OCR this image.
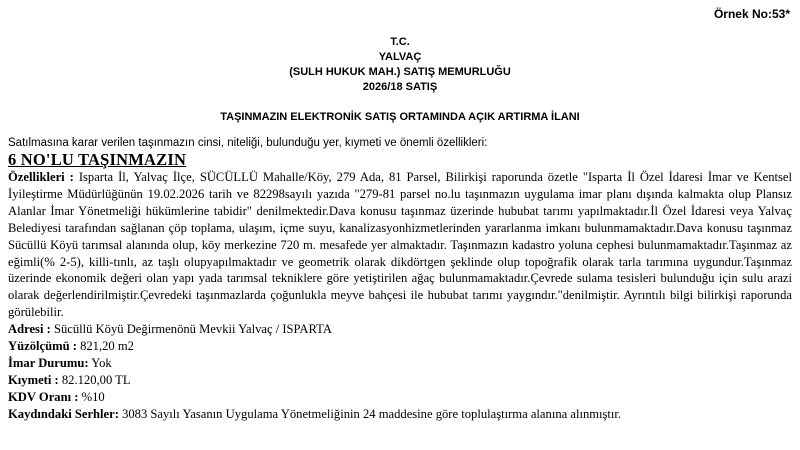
Örnek No:53*
T.C.
YALVAÇ
(SULH HUKUK MAH.) SATIŞ MEMURLUĞU
2026/18 SATIŞ
TAŞINMAZIN ELEKTRONİK SATIŞ ORTAMINDA AÇIK ARTIRMA İLANI
Satılmasına karar verilen taşınmazın cinsi, niteliği, bulunduğu yer, kıymeti ve önemli özellikleri:
6 NO'LU TAŞINMAZIN

Özellikleri : Isparta İl, Yalvaç İlçe, SÜCÜLLÜ Mahalle/Köy, 279 Ada, 81 Parsel, Bilirkişi raporunda özetle "Isparta İl Özel İdaresi İmar ve Kentsel İyileştirme Müdürlüğünün 19.02.2026 tarih ve 82298sayılı yazıda "279-81 parsel no.lu taşınmazın uygulama imar planı dışında kalmakta olup Plansız Alanlar İmar Yönetmeliği hükümlerine tabidir" denilmektedir.Dava konusu taşınmaz üzerinde hububat tarımı yapılmaktadır.İl Özel İdaresi veya Yalvaç Belediyesi tarafından sağlanan çöp toplama, ulaşım, içme suyu, kanalizasyonhizmetlerinden yararlanma imkanı bulunmamaktadır.Dava konusu taşınmaz Sücüllü Köyü tarımsal alanında olup, köy merkezine 720 m. mesafede yer almaktadır. Taşınmazın kadastro yoluna cephesi bulunmamaktadır.Taşınmaz az eğimli(% 2-5), killi-tınlı, az taşlı olupyapılmaktadır ve geometrik olarak dikdörtgen şeklinde olup topoğrafik olarak tarla tarımına uygundur.Taşınmaz üzerinde ekonomik değeri olan yapı yada tarımsal tekniklere göre yetiştirilen ağaç bulunmamaktadır.Çevrede sulama tesisleri bulunduğu için sulu arazi olarak değerlendirilmiştir.Çevredeki taşınmazlarda çoğunlukla meyve bahçesi ile hububat tarımı yaygındır."denilmiştir. Ayrıntılı bilgi bilirkişi raporunda görülebilir.

Adresi : Sücüllü Köyü Değirmenönü Mevkii Yalvaç / ISPARTA

Yüzölçümü : 821,20 m2

İmar Durumu: Yok

Kıymeti : 82.120,00 TL

KDV Oranı : %10

Kaydındaki Serhler: 3083 Sayılı Yasanın Uygulama Yönetmeliğinin 24 maddesine göre toplulaştırma alanına alınmıştır.
